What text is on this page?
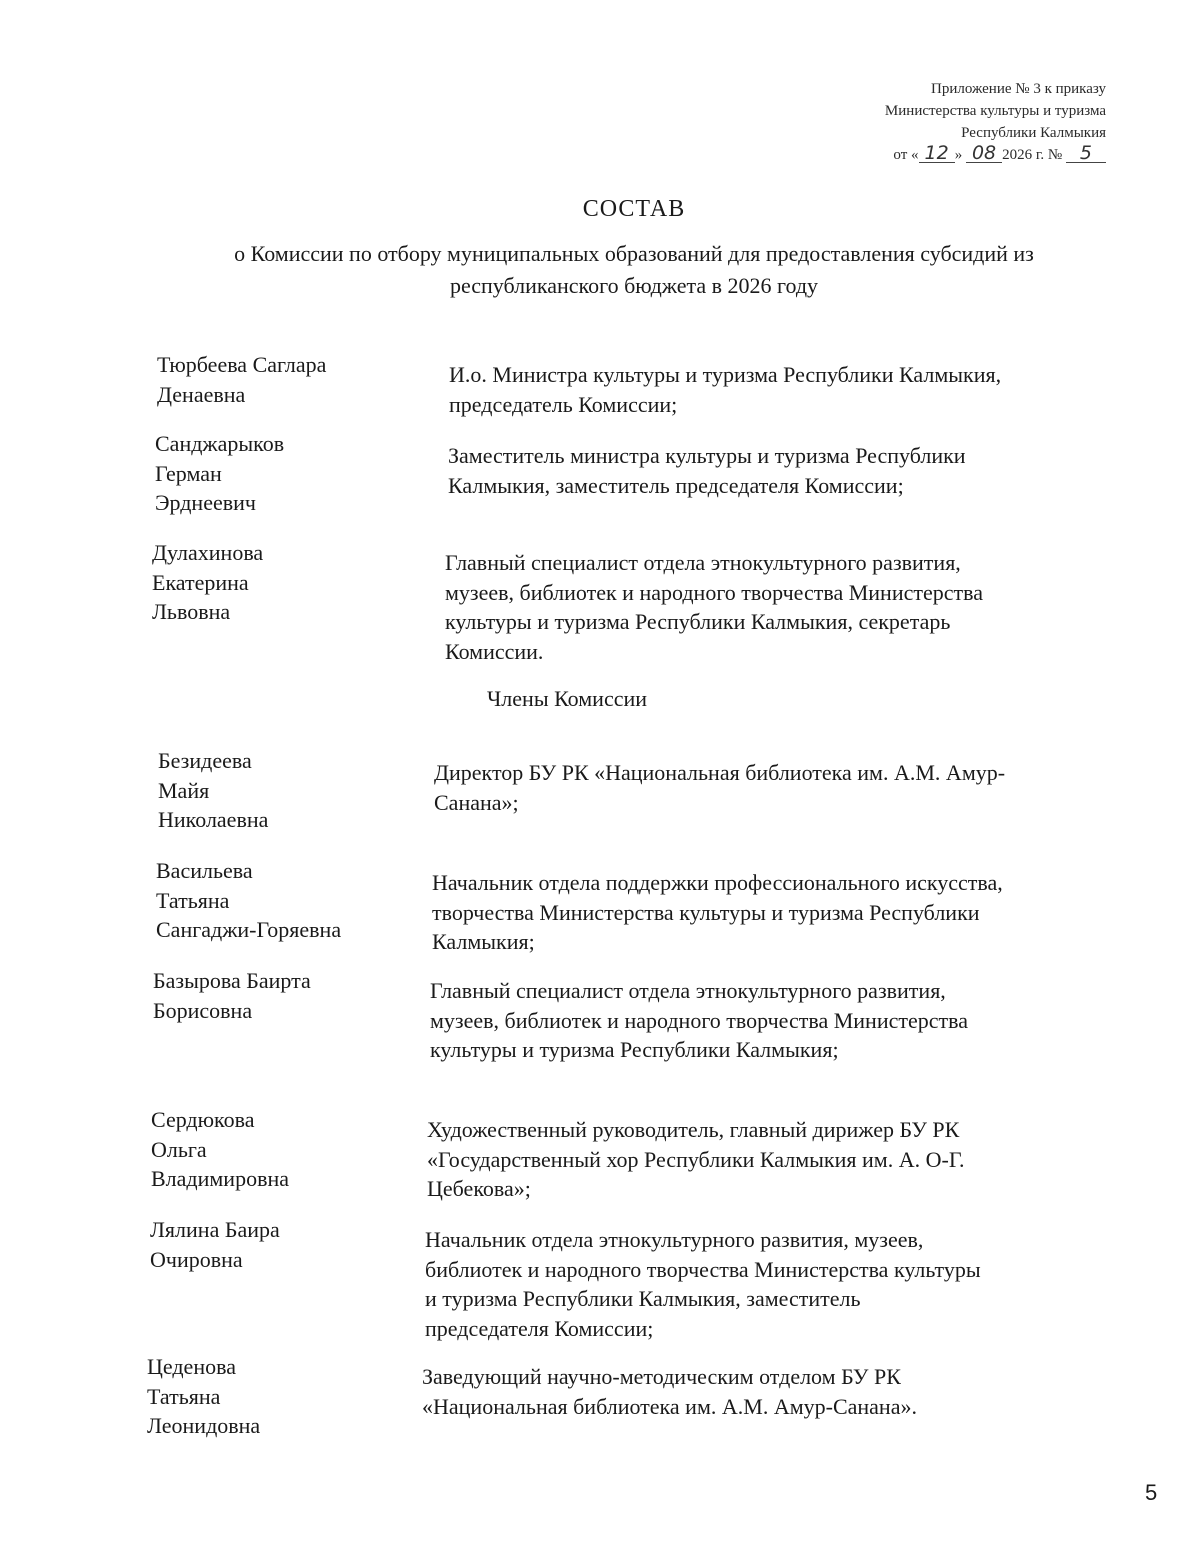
Приложение № 3 к приказу
Министерства культуры и туризма
Республики Калмыкия
от « 12 » 08 2026 г. № 5
СОСТАВ
о Комиссии по отбору муниципальных образований для предоставления субсидий из республиканского бюджета в 2026 году
Тюрбеева Саглара
Денаевна
И.о. Министра культуры и туризма Республики Калмыкия, председатель Комиссии;
Санджарыков
Герман
Эрднеевич
Заместитель министра культуры и туризма Республики Калмыкия, заместитель председателя Комиссии;
Дулахинова
Екатерина
Львовна
Главный специалист отдела этнокультурного развития, музеев, библиотек и народного творчества Министерства культуры и туризма Республики Калмыкия, секретарь Комиссии.
Члены Комиссии
Безидеева
Майя
Николаевна
Директор БУ РК «Национальная библиотека им. А.М. Амур-Санана»;
Васильева
Татьяна
Сангаджи-Горяевна
Начальник отдела поддержки профессионального искусства, творчества Министерства культуры и туризма Республики Калмыкия;
Базырова Баирта
Борисовна
Главный специалист отдела этнокультурного развития, музеев, библиотек и народного творчества Министерства культуры и туризма Республики Калмыкия;
Сердюкова
Ольга
Владимировна
Художественный руководитель, главный дирижер БУ РК «Государственный хор Республики Калмыкия им. А. О-Г. Цебекова»;
Лялина Баира
Очировна
Начальник отдела этнокультурного развития, музеев, библиотек и народного творчества Министерства культуры и туризма Республики Калмыкия, заместитель председателя Комиссии;
Цеденова
Татьяна
Леонидовна
Заведующий научно-методическим отделом БУ РК «Национальная библиотека им. А.М. Амур-Санана».
5
